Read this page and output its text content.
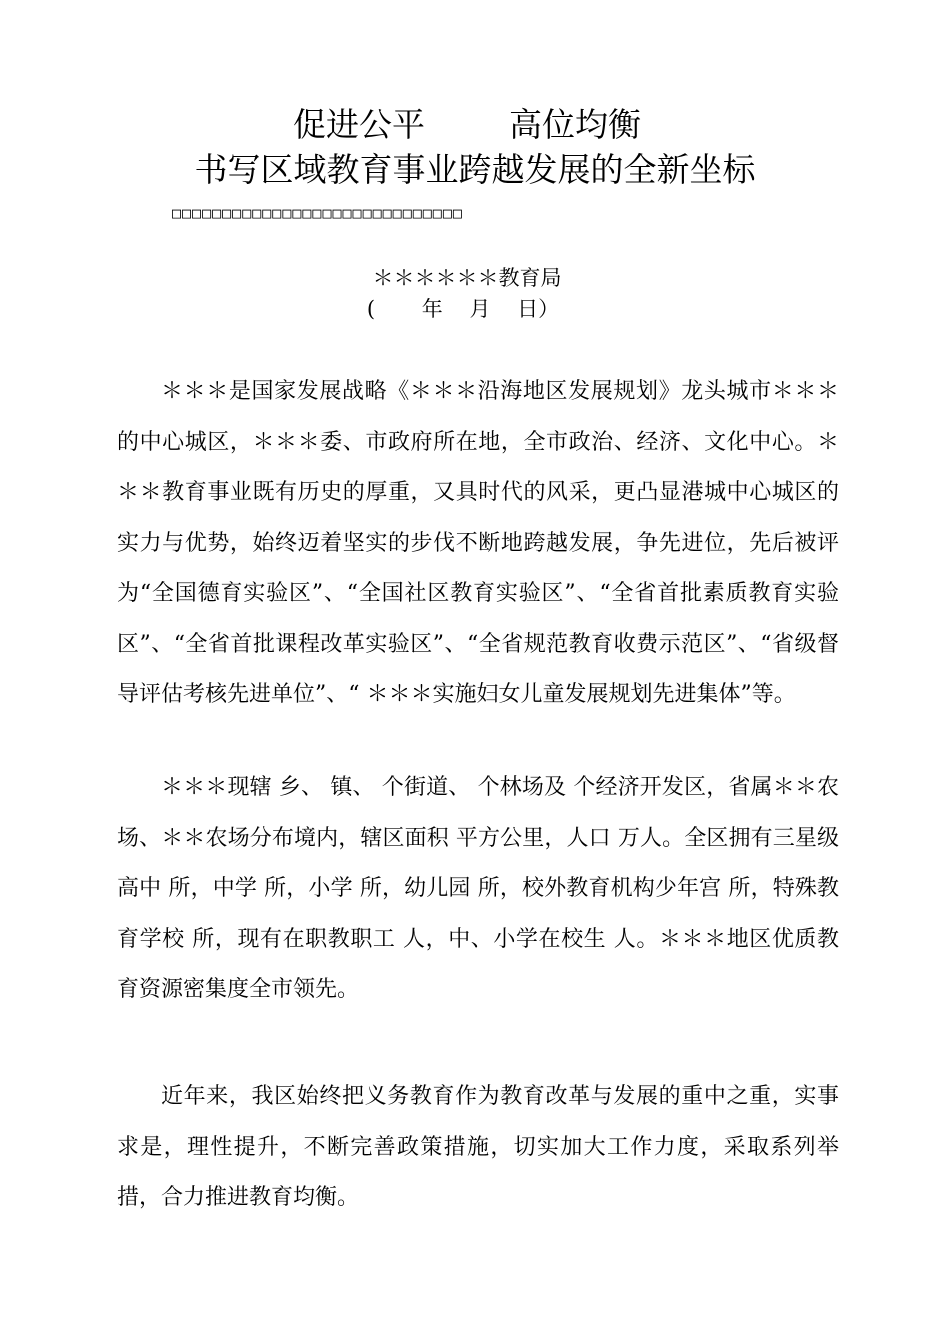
促进公平        高位均衡
书写区域教育事业跨越发展的全新坐标
□□□□□□□□□□□□□□□□□□□□□□□□□□□□□
＊＊＊＊＊＊教育局
(       年    月    日）

＊＊＊是国家发展战略《＊＊＊沿海地区发展规划》龙头城市＊＊＊的中心城区，＊＊＊委、市政府所在地，全市政治、经济、文化中心。＊＊＊教育事业既有历史的厚重，又具时代的风采，更凸显港城中心城区的实力与优势，始终迈着坚实的步伐不断地跨越发展，争先进位，先后被评为“全国德育实验区”、“全国社区教育实验区”、“全省首批素质教育实验区”、“全省首批课程改革实验区”、“全省规范教育收费示范区”、“省级督导评估考核先进单位”、“ ＊＊＊实施妇女儿童发展规划先进集体”等。

＊＊＊现辖 乡、 镇、 个街道、 个林场及 个经济开发区，省属＊＊农场、＊＊农场分布境内，辖区面积 平方公里，人口 万人。全区拥有三星级高中 所，中学 所，小学 所，幼儿园 所，校外教育机构少年宫 所，特殊教育学校 所，现有在职教职工 人，中、小学在校生 人。＊＊＊地区优质教育资源密集度全市领先。

近年来，我区始终把义务教育作为教育改革与发展的重中之重，实事求是，理性提升，不断完善政策措施，切实加大工作力度，采取系列举措，合力推进教育均衡。
